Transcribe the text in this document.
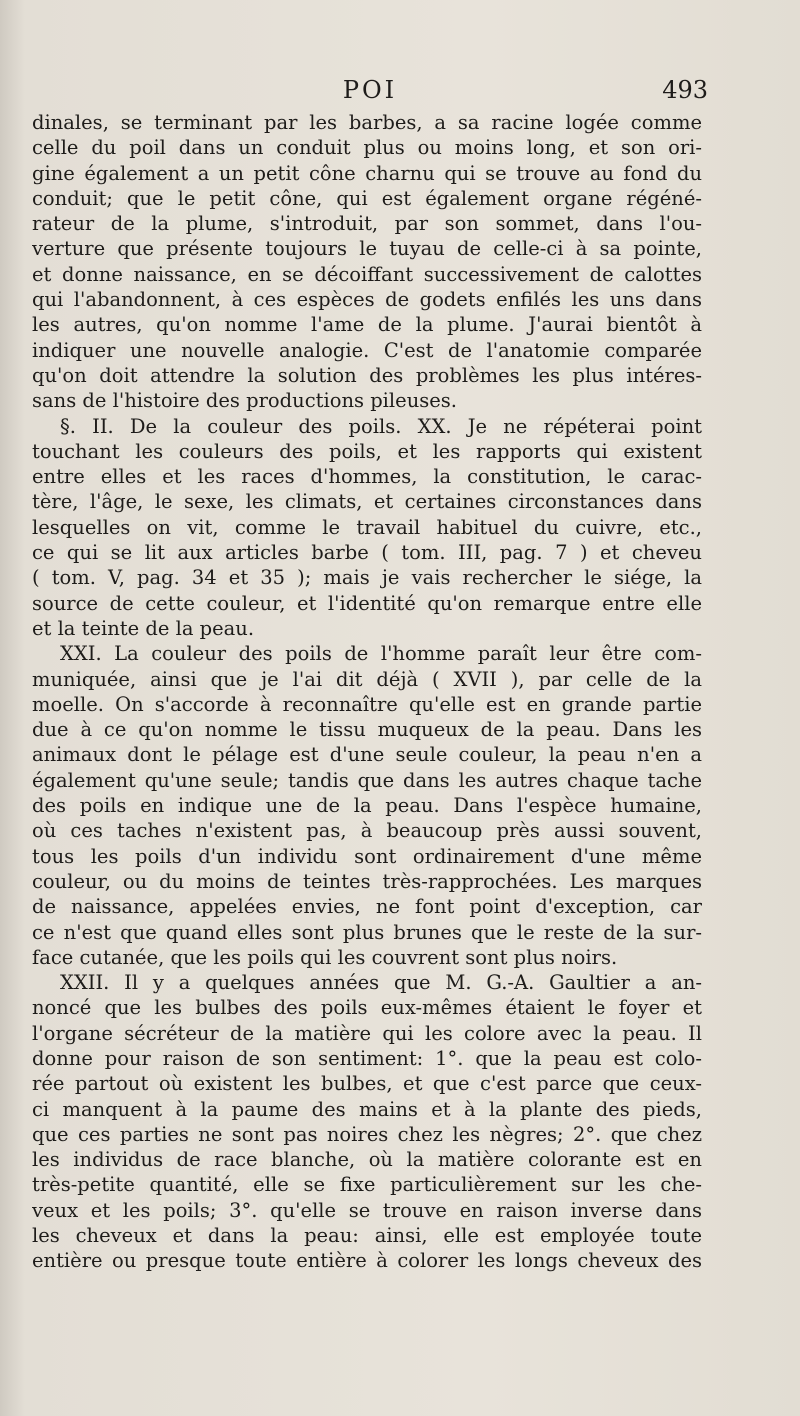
POI	493
dinales, se terminant par les barbes, a sa racine logée comme
celle du poil dans un conduit plus ou moins long, et son ori-
gine également a un petit cône charnu qui se trouve au fond du
conduit; que le petit cône, qui est également organe régéné-
rateur de la plume, s'introduit, par son sommet, dans l'ou-
verture que présente toujours le tuyau de celle-ci à sa pointe,
et donne naissance, en se décoiffant successivement de calottes
qui l'abandonnent, à ces espèces de godets enfilés les uns dans
les autres, qu'on nomme l'ame de la plume. J'aurai bientôt à
indiquer une nouvelle analogie. C'est de l'anatomie comparée
qu'on doit attendre la solution des problèmes les plus intéres-
sans de l'histoire des productions pileuses.
§. II. De la couleur des poils. XX. Je ne répéterai point
touchant les couleurs des poils, et les rapports qui existent
entre elles et les races d'hommes, la constitution, le carac-
tère, l'âge, le sexe, les climats, et certaines circonstances dans
lesquelles on vit, comme le travail habituel du cuivre, etc.,
ce qui se lit aux articles barbe ( tom. III, pag. 7 ) et cheveu
( tom. V, pag. 34 et 35 ); mais je vais rechercher le siége, la
source de cette couleur, et l'identité qu'on remarque entre elle
et la teinte de la peau.
XXI. La couleur des poils de l'homme paraît leur être com-
muniquée, ainsi que je l'ai dit déjà ( XVII ), par celle de la
moelle. On s'accorde à reconnaître qu'elle est en grande partie
due à ce qu'on nomme le tissu muqueux de la peau. Dans les
animaux dont le pélage est d'une seule couleur, la peau n'en a
également qu'une seule; tandis que dans les autres chaque tache
des poils en indique une de la peau. Dans l'espèce humaine,
où ces taches n'existent pas, à beaucoup près aussi souvent,
tous les poils d'un individu sont ordinairement d'une même
couleur, ou du moins de teintes très-rapprochées. Les marques
de naissance, appelées envies, ne font point d'exception, car
ce n'est que quand elles sont plus brunes que le reste de la sur-
face cutanée, que les poils qui les couvrent sont plus noirs.
XXII. Il y a quelques années que M. G.-A. Gaultier a an-
noncé que les bulbes des poils eux-mêmes étaient le foyer et
l'organe sécréteur de la matière qui les colore avec la peau. Il
donne pour raison de son sentiment: 1°. que la peau est colo-
rée partout où existent les bulbes, et que c'est parce que ceux-
ci manquent à la paume des mains et à la plante des pieds,
que ces parties ne sont pas noires chez les nègres; 2°. que chez
les individus de race blanche, où la matière colorante est en
très-petite quantité, elle se fixe particulièrement sur les che-
veux et les poils; 3°. qu'elle se trouve en raison inverse dans
les cheveux et dans la peau: ainsi, elle est employée toute
entière ou presque toute entière à colorer les longs cheveux des
